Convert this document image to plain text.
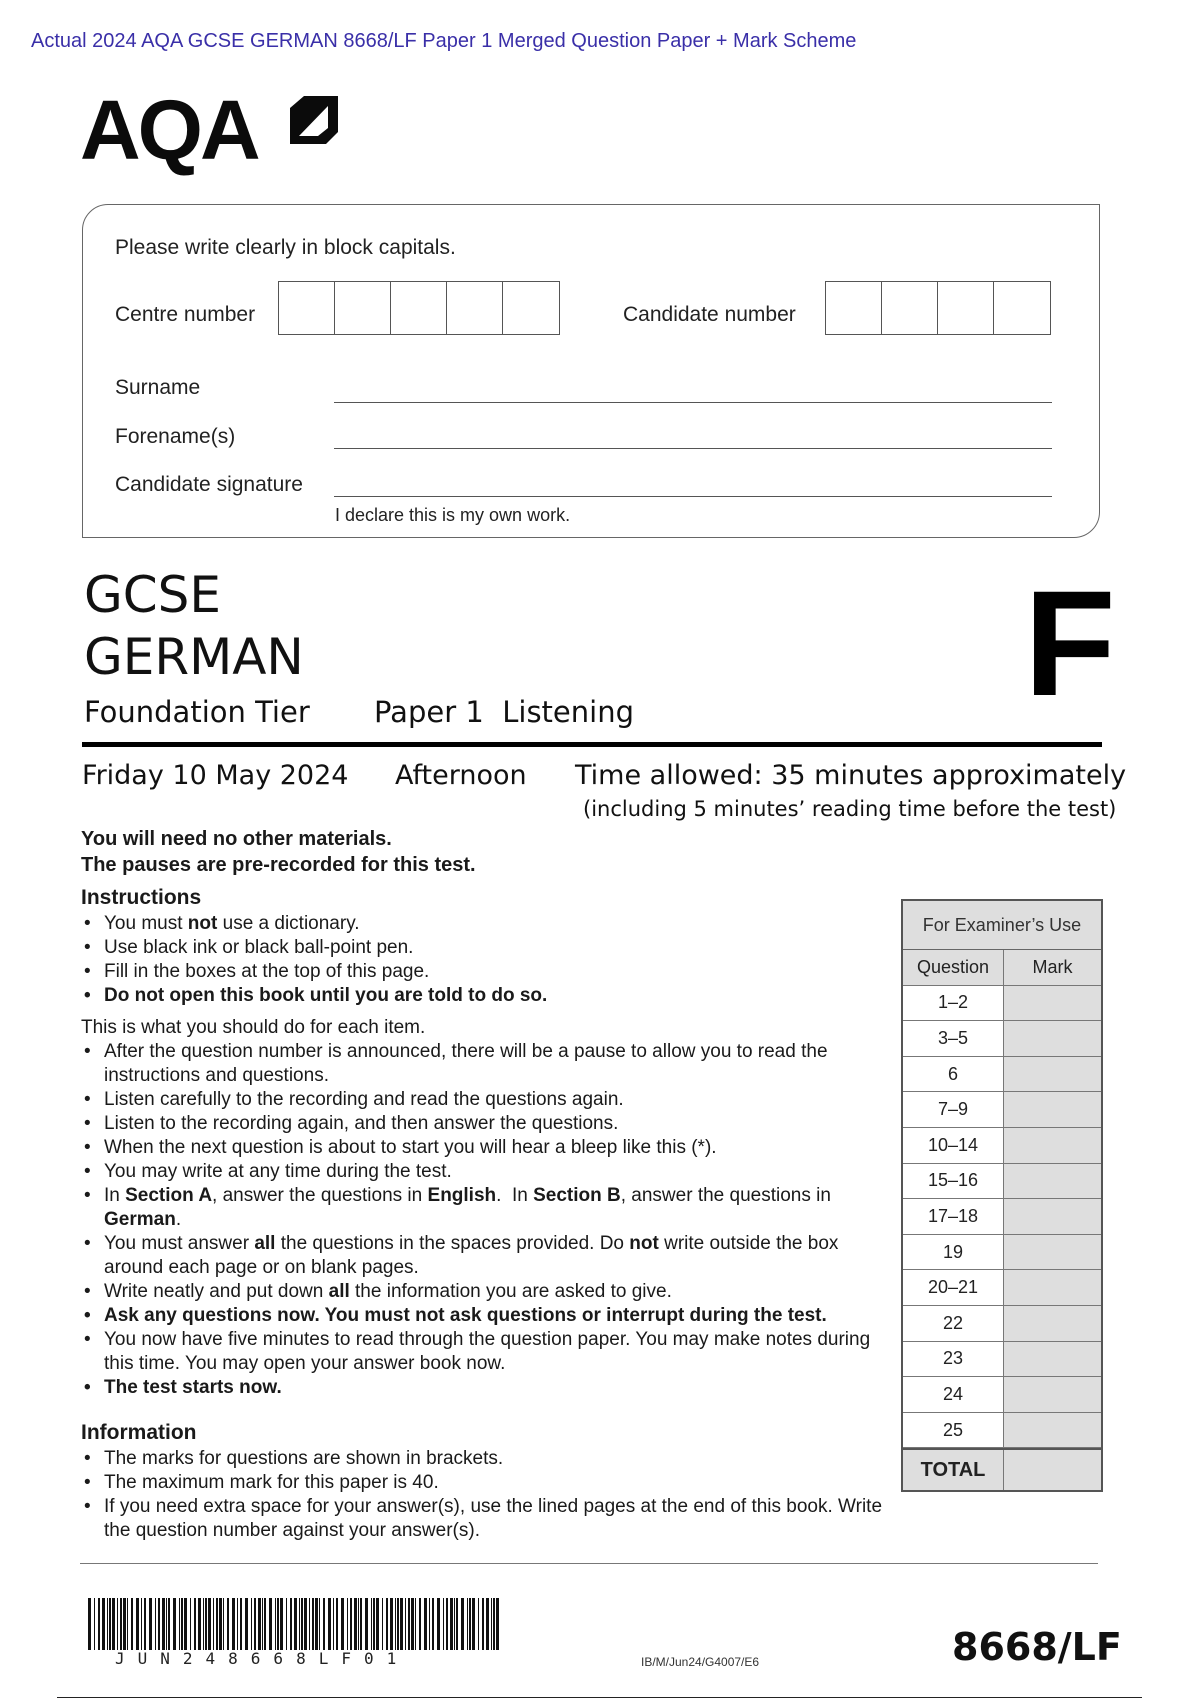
Actual 2024 AQA GCSE GERMAN 8668/LF Paper 1 Merged Question Paper + Mark Scheme
AQA
Please write clearly in block capitals.
Centre number	Candidate number
Surname
Forename(s)
Candidate signature
I declare this is my own work.
GCSE
GERMAN	F
Foundation Tier Paper 1  Listening
Friday 10 May 2024 Afternoon Time allowed: 35 minutes approximately
(including 5 minutes’ reading time before the test)
You will need no other materials.
The pauses are pre-recorded for this test.
Instructions
• You must not use a dictionary.
• Use black ink or black ball-point pen.
• Fill in the boxes at the top of this page.
• Do not open this book until you are told to do so.
This is what you should do for each item.
• After the question number is announced, there will be a pause to allow you to read the instructions and questions.
• Listen carefully to the recording and read the questions again.
• Listen to the recording again, and then answer the questions.
• When the next question is about to start you will hear a bleep like this (*).
• You may write at any time during the test.
• In Section A, answer the questions in English.  In Section B, answer the questions in German.
• You must answer all the questions in the spaces provided. Do not write outside the box around each page or on blank pages.
• Write neatly and put down all the information you are asked to give.
• Ask any questions now. You must not ask questions or interrupt during the test.
• You now have five minutes to read through the question paper. You may make notes during this time. You may open your answer book now.
• The test starts now.
Information
• The marks for questions are shown in brackets.
• The maximum mark for this paper is 40.
• If you need extra space for your answer(s), use the lined pages at the end of this book. Write the question number against your answer(s).
For Examiner’s Use
Question	Mark
1–2
3–5
6
7–9
10–14
15–16
17–18
19
20–21
22
23
24
25
TOTAL
JUN248668LF01	IB/M/Jun24/G4007/E6	8668/LF
